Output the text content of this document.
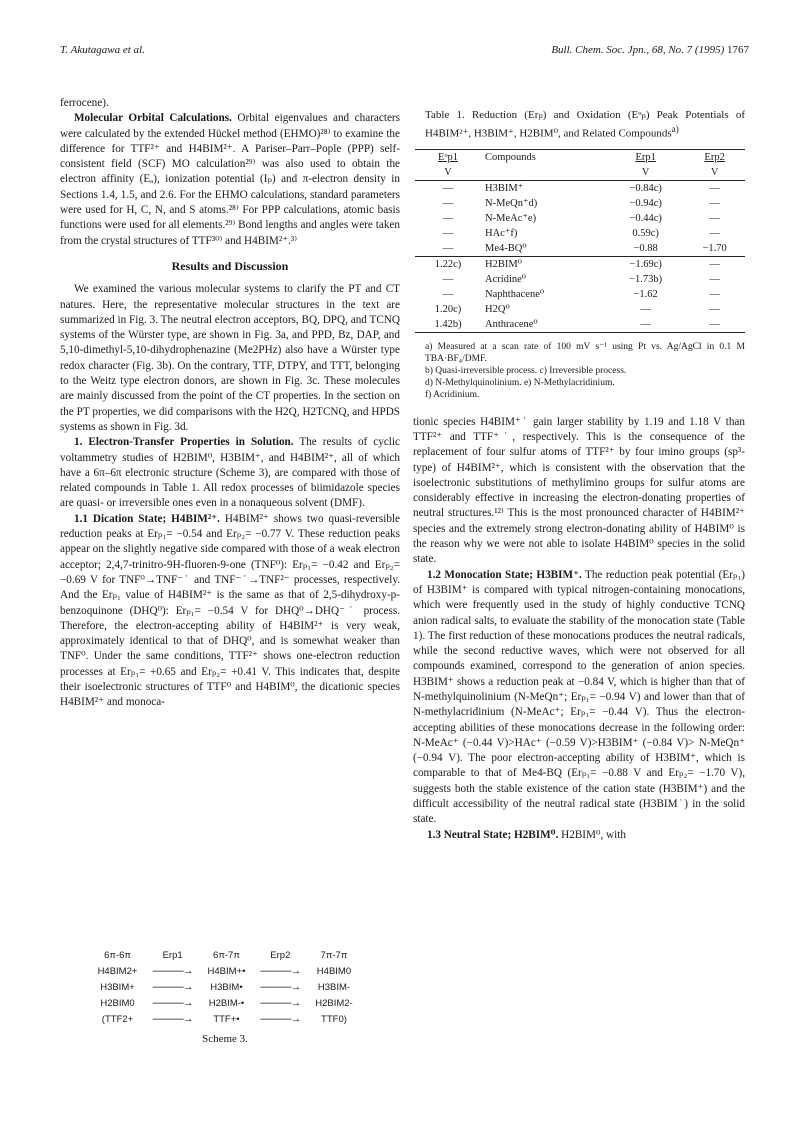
T. Akutagawa et al.	Bull. Chem. Soc. Jpn., 68, No. 7 (1995) 1767

ferrocene).

Molecular Orbital Calculations. Orbital eigenvalues and characters were calculated by the extended Hückel method (EHMO)²⁸⁾ to examine the difference for TTF²⁺ and H4BIM²⁺. A Pariser–Parr–Pople (PPP) self-consistent field (SCF) MO calculation²⁹⁾ was also used to obtain the electron affinity (Eₐ), ionization potential (Iₚ) and π-electron density in Sections 1.4, 1.5, and 2.6. For the EHMO calculations, standard parameters were used for H, C, N, and S atoms.²⁸⁾ For PPP calculations, atomic basis functions were used for all elements.²⁹⁾ Bond lengths and angles were taken from the crystal structures of TTF³⁰⁾ and H4BIM²⁺.³⁾

Results and Discussion

We examined the various molecular systems to clarify the PT and CT natures. Here, the representative molecular structures in the text are summarized in Fig. 3. The neutral electron acceptors, BQ, DPQ, and TCNQ systems of the Würster type, are shown in Fig. 3a, and PPD, Bz, DAP, and 5,10-dimethyl-5,10-dihydrophenazine (Me2PHz) also have a Würster type redox character (Fig. 3b). On the contrary, TTF, DTPY, and TTT, belonging to the Weitz type electron donors, are shown in Fig. 3c. These molecules are mainly discussed from the point of the CT properties. In the section on the PT properties, we did comparisons with the H2Q, H2TCNQ, and HPDS systems as shown in Fig. 3d.

1. Electron-Transfer Properties in Solution. The results of cyclic voltammetry studies of H2BIM⁰, H3BIM⁺, and H4BIM²⁺, all of which have a 6π–6π electronic structure (Scheme 3), are compared with those of related compounds in Table 1. All redox processes of biimidazole species are quasi- or irreversible ones even in a nonaqueous solvent (DMF).

1.1 Dication State; H4BIM²⁺. H4BIM²⁺ shows two quasi-reversible reduction peaks at Erₚ₁= −0.54 and Erₚ₂= −0.77 V. These reduction peaks appear on the slightly negative side compared with those of a weak electron acceptor; 2,4,7-trinitro-9H-fluoren-9-one (TNF⁰): Erₚ₁= −0.42 and Erₚ₂= −0.69 V for TNF⁰→TNF⁻˙ and TNF⁻˙→TNF²⁻ processes, respectively. And the Erₚ₁ value of H4BIM²⁺ is the same as that of 2,5-dihydroxy-p-benzoquinone (DHQ⁰): Erₚ₁= −0.54 V for DHQ⁰→DHQ⁻˙ process. Therefore, the electron-accepting ability of H4BIM²⁺ is very weak, approximately identical to that of DHQ⁰, and is somewhat weaker than TNF⁰. Under the same conditions, TTF²⁺ shows one-electron reduction processes at Erₚ₁= +0.65 and Erₚ₂= +0.41 V. This indicates that, despite their isoelectronic structures of TTF⁰ and H4BIM⁰, the dicationic species H4BIM²⁺ and monoca-

6π-6π	Erp1	6π-7π	Erp2	7π-7π
H4BIM2+	———→	H4BIM+•	———→	H4BIM0
H3BIM+	———→	H3BIM•	———→	H3BIM-
H2BIM0	———→	H2BIM-•	———→	H2BIM2-
(TTF2+	———→	TTF+•	———→	TTF0)
Scheme 3.
Table 1. Reduction (Erₚ) and Oxidation (Eᵒₚ) Peak Potentials of H4BIM²⁺, H3BIM⁺, H2BIM⁰, and Related Compounds$^{a)}$
Eᵒp1	Compounds	Erp1	Erp2
V		V	V
—	H3BIM⁺	−0.84c)	—
—	N-MeQn⁺d)	−0.94c)	—
—	N-MeAc⁺e)	−0.44c)	—
—	HAc⁺f)	0.59c)	—
—	Me4-BQ⁰	−0.88	−1.70
1.22c)	H2BIM⁰	−1.69c)	—
—	Acridine⁰	−1.73b)	—
—	Naphthacene⁰	−1.62	—
1.20c)	H2Q⁰	—	—
1.42b)	Anthracene⁰	—	—
a) Measured at a scan rate of 100 mV s⁻¹ using Pt vs. Ag/AgCl in 0.1 M TBA·BF₄/DMF.
b) Quasi-irreversible process. c) Irreversible process.
d) N-Methylquinolinium. e) N-Methylacridinium.
f) Acridinium.

tionic species H4BIM⁺˙ gain larger stability by 1.19 and 1.18 V than TTF²⁺ and TTF⁺˙, respectively. This is the consequence of the replacement of four sulfur atoms of TTF²⁺ by four imino groups (sp³-type) of H4BIM²⁺, which is consistent with the observation that the isoelectronic substitutions of methylimino groups for sulfur atoms are considerably effective in increasing the electron-donating properties of neutral structures.¹²⁾ This is the most pronounced character of H4BIM²⁺ species and the extremely strong electron-donating ability of H4BIM⁰ is the reason why we were not able to isolate H4BIM⁰ species in the solid state.

1.2 Monocation State; H3BIM⁺. The reduction peak potential (Erₚ₁) of H3BIM⁺ is compared with typical nitrogen-containing monocations, which were frequently used in the study of highly conductive TCNQ anion radical salts, to evaluate the stability of the monocation state (Table 1). The first reduction of these monocations produces the neutral radicals, while the second reductive waves, which were not observed for all compounds examined, correspond to the generation of anion species. H3BIM⁺ shows a reduction peak at −0.84 V, which is higher than that of N-methylquinolinium (N-MeQn⁺; Erₚ₁= −0.94 V) and lower than that of N-methylacridinium (N-MeAc⁺; Erₚ₁= −0.44 V). Thus the electron-accepting abilities of these monocations decrease in the following order: N-MeAc⁺ (−0.44 V)>HAc⁺ (−0.59 V)>H3BIM⁺ (−0.84 V)> N-MeQn⁺ (−0.94 V). The poor electron-accepting ability of H3BIM⁺, which is comparable to that of Me4-BQ (Erₚ₁= −0.88 V and Erₚ₂= −1.70 V), suggests both the stable existence of the cation state (H3BIM⁺) and the difficult accessibility of the neutral radical state (H3BIM˙) in the solid state.

1.3 Neutral State; H2BIM⁰. H2BIM⁰, with
